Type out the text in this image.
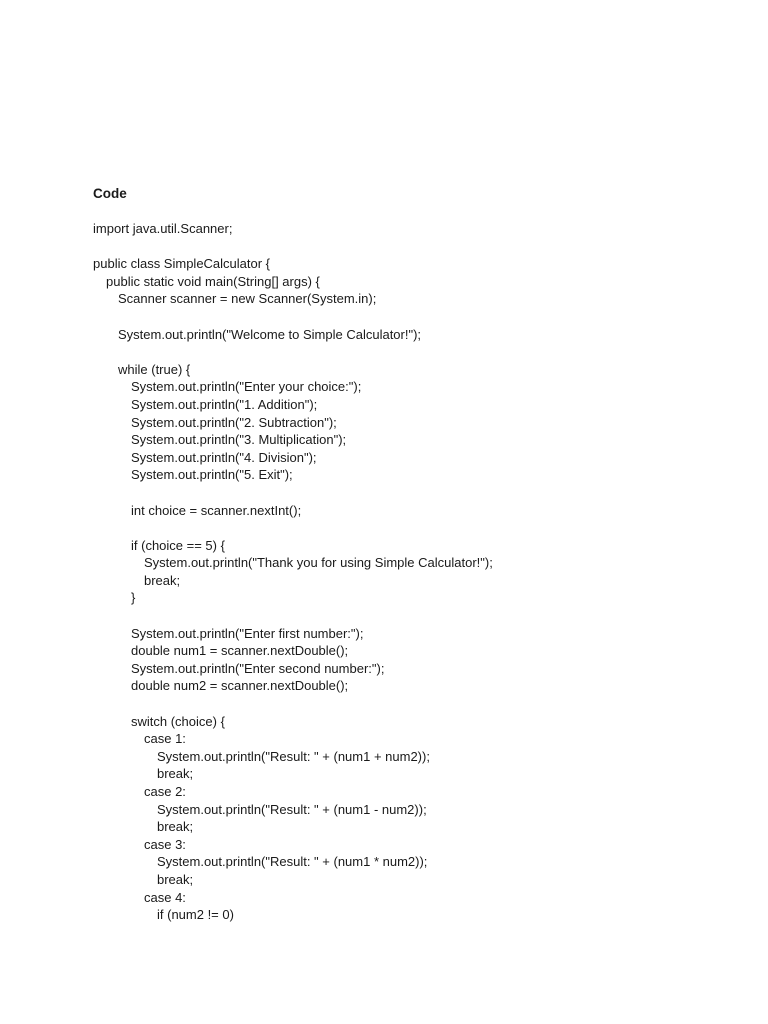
Code
import java.util.Scanner;
public class SimpleCalculator {
public static void main(String[] args) {
Scanner scanner = new Scanner(System.in);
System.out.println("Welcome to Simple Calculator!");
while (true) {
System.out.println("Enter your choice:");
System.out.println("1. Addition");
System.out.println("2. Subtraction");
System.out.println("3. Multiplication");
System.out.println("4. Division");
System.out.println("5. Exit");
int choice = scanner.nextInt();
if (choice == 5) {
System.out.println("Thank you for using Simple Calculator!");
break;
}
System.out.println("Enter first number:");
double num1 = scanner.nextDouble();
System.out.println("Enter second number:");
double num2 = scanner.nextDouble();
switch (choice) {
case 1:
System.out.println("Result: " + (num1 + num2));
break;
case 2:
System.out.println("Result: " + (num1 - num2));
break;
case 3:
System.out.println("Result: " + (num1 * num2));
break;
case 4:
if (num2 != 0)
